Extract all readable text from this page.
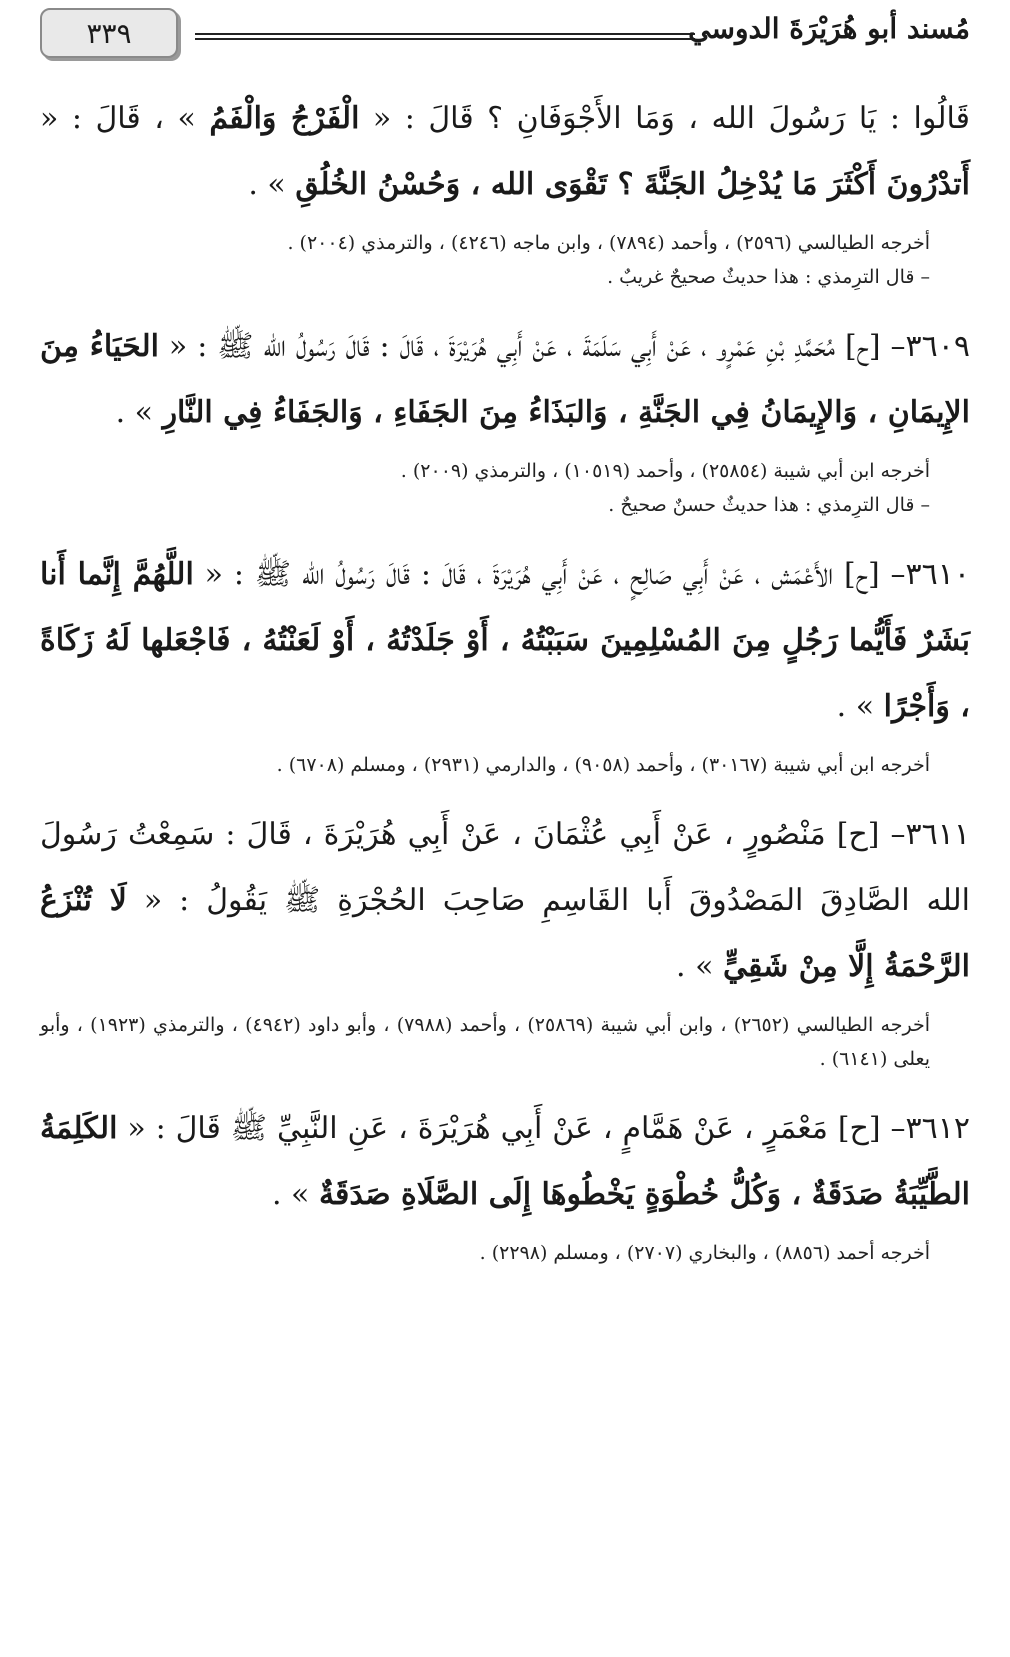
٣٣٩	مُسند أبو هُرَيْرَةَ الدوسي

قَالُوا : يَا رَسُولَ الله ، وَمَا الأَجْوَفَانِ ؟ قَالَ : « الْفَرْجُ وَالْفَمُ » ، قَالَ : « أَتدْرُونَ أَكْثَرَ مَا يُدْخِلُ الجَنَّةَ ؟ تَقْوَى الله ، وَحُسْنُ الخُلُقِ » .

أخرجه الطيالسي (٢٥٩٦) ، وأحمد (٧٨٩٤) ، وابن ماجه (٤٢٤٦) ، والترمذي (٢٠٠٤) .

– قال الترِمذي : هذا حديثٌ صحيحٌ غريبٌ .

٣٦٠٩– [ح] مُحَمَّدِ بْنِ عَمْرٍو ، عَنْ أَبِي سَلَمَةَ ، عَنْ أَبِي هُرَيْرَةَ ، قَالَ : قَالَ رَسُولُ الله ﷺ : « الحَيَاءُ مِنَ الإِيمَانِ ، وَالإِيمَانُ فِي الجَنَّةِ ، وَالبَذَاءُ مِنَ الجَفَاءِ ، وَالجَفَاءُ فِي النَّارِ » .

أخرجه ابن أبي شيبة (٢٥٨٥٤) ، وأحمد (١٠٥١٩) ، والترمذي (٢٠٠٩) .

– قال الترِمذي : هذا حديثٌ حسنٌ صحيحٌ .

٣٦١٠– [ح] الأَعْمَش ، عَنْ أَبِي صَالِحٍ ، عَنْ أَبِي هُرَيْرَةَ ، قَالَ : قَالَ رَسُولُ الله ﷺ : « اللَّهُمَّ إِنَّما أَنا بَشَرٌ فَأَيُّما رَجُلٍ مِنَ المُسْلِمِينَ سَبَبْتُهُ ، أَوْ جَلَدْتُهُ ، أَوْ لَعَنْتُهُ ، فَاجْعَلها لَهُ زَكَاةً ، وَأَجْرًا » .

أخرجه ابن أبي شيبة (٣٠١٦٧) ، وأحمد (٩٠٥٨) ، والدارمي (٢٩٣١) ، ومسلم (٦٧٠٨) .

٣٦١١– [ح] مَنْصُورٍ ، عَنْ أَبِي عُثْمَانَ ، عَنْ أَبِي هُرَيْرَةَ ، قَالَ : سَمِعْتُ رَسُولَ الله الصَّادِقَ المَصْدُوقَ أَبا القَاسِمِ صَاحِبَ الحُجْرَةِ ﷺ يَقُولُ : « لَا تُنْزَعُ الرَّحْمَةُ إِلَّا مِنْ شَقِيٍّ » .

أخرجه الطيالسي (٢٦٥٢) ، وابن أبي شيبة (٢٥٨٦٩) ، وأحمد (٧٩٨٨) ، وأبو داود (٤٩٤٢) ، والترمذي (١٩٢٣) ، وأبو يعلى (٦١٤١) .

٣٦١٢– [ح] مَعْمَرٍ ، عَنْ هَمَّامٍ ، عَنْ أَبِي هُرَيْرَةَ ، عَنِ النَّبِيِّ ﷺ قَالَ : « الكَلِمَةُ الطَّيِّبَةُ صَدَقَةٌ ، وَكُلُّ خُطْوَةٍ يَخْطُوهَا إِلَى الصَّلَاةِ صَدَقَةٌ » .

أخرجه أحمد (٨٨٥٦) ، والبخاري (٢٧٠٧) ، ومسلم (٢٢٩٨) .
